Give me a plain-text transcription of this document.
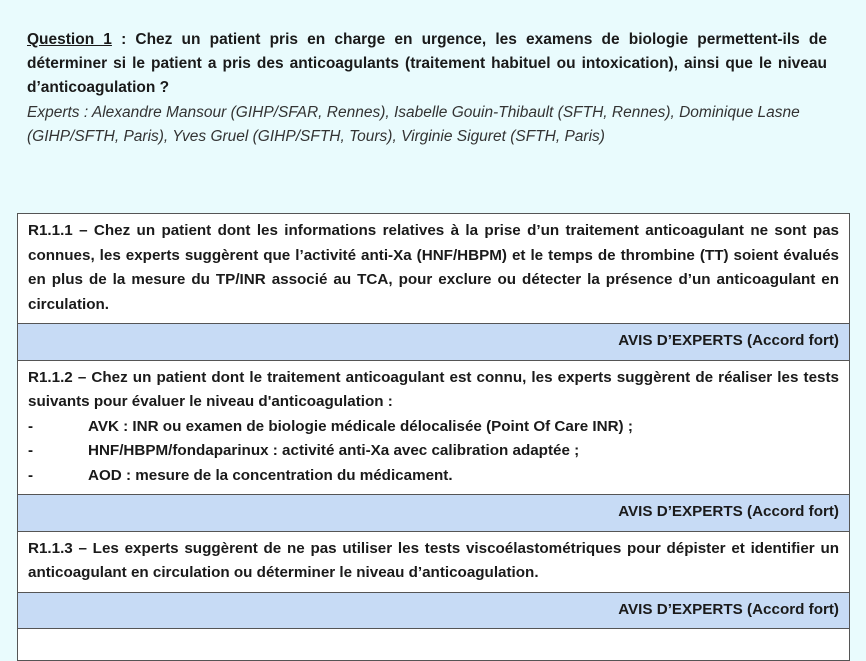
Question 1 : Chez un patient pris en charge en urgence, les examens de biologie permettent-ils de déterminer si le patient a pris des anticoagulants (traitement habituel ou intoxication), ainsi que le niveau d’anticoagulation ?
Experts : Alexandre Mansour (GIHP/SFAR, Rennes), Isabelle Gouin-Thibault (SFTH, Rennes), Dominique Lasne (GIHP/SFTH, Paris), Yves Gruel (GIHP/SFTH, Tours), Virginie Siguret (SFTH, Paris)
R1.1.1 – Chez un patient dont les informations relatives à la prise d’un traitement anticoagulant ne sont pas connues, les experts suggèrent que l’activité anti-Xa (HNF/HBPM) et le temps de thrombine (TT) soient évalués en plus de la mesure du TP/INR associé au TCA, pour exclure ou détecter la présence d’un anticoagulant en circulation.
AVIS D’EXPERTS (Accord fort)

R1.1.2 – Chez un patient dont le traitement anticoagulant est connu, les experts suggèrent de réaliser les tests suivants pour évaluer le niveau d'anticoagulation :
-	AVK : INR ou examen de biologie médicale délocalisée (Point Of Care INR) ;
-	HNF/HBPM/fondaparinux : activité anti-Xa avec calibration adaptée ;
-	AOD : mesure de la concentration du médicament.

AVIS D’EXPERTS (Accord fort)
R1.1.3 – Les experts suggèrent de ne pas utiliser les tests viscoélastométriques pour dépister et identifier un anticoagulant en circulation ou déterminer le niveau d’anticoagulation.
AVIS D’EXPERTS (Accord fort)
